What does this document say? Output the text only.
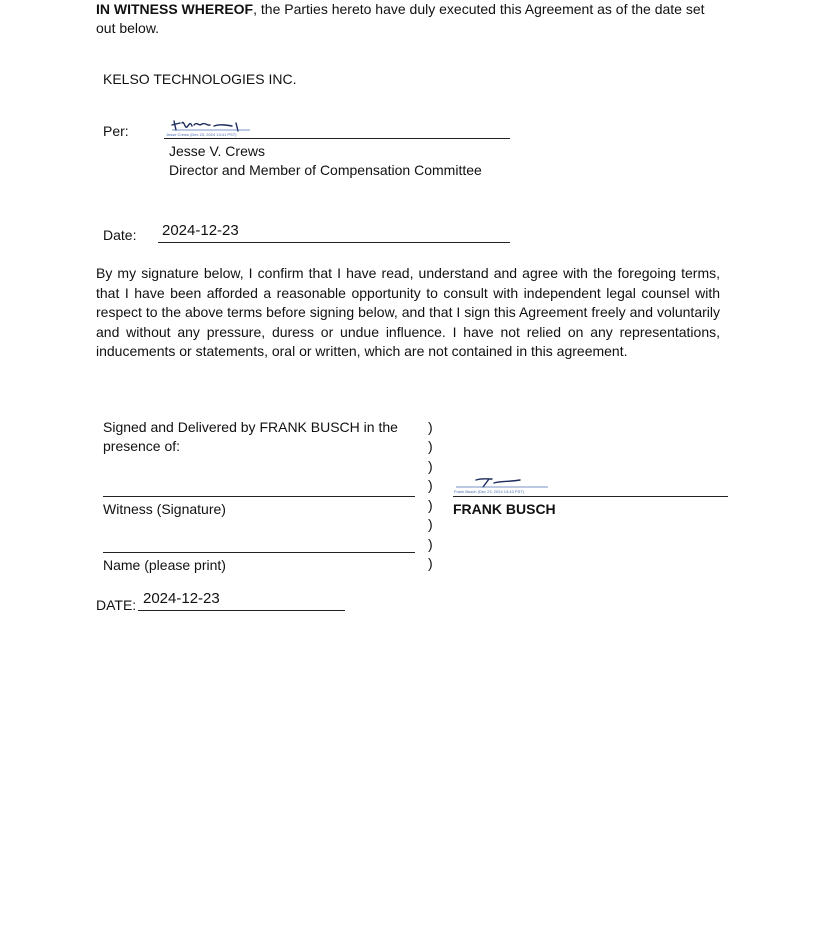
IN WITNESS WHEREOF, the Parties hereto have duly executed this Agreement as of the date set
out below.
KELSO TECHNOLOGIES INC.
Per:	Jesse Crews (Dec 23, 2024 13:41 PST)
Jesse V. Crews
Director and Member of Compensation Committee
Date: 2024-12-23
By my signature below, I confirm that I have read, understand and agree with the foregoing terms, that I have been afforded a reasonable opportunity to consult with independent legal counsel with respect to the above terms before signing below, and that I sign this Agreement freely and voluntarily and without any pressure, duress or undue influence. I have not relied on any representations, inducements or statements, oral or written, which are not contained in this agreement.
Signed and Delivered by FRANK BUSCH in the
presence of:
)
)
)
)
)
)
)
)
Witness (Signature)
Name (please print)
Frank Busch (Dec 23, 2024 13:43 PST)
FRANK BUSCH
DATE: 2024-12-23
